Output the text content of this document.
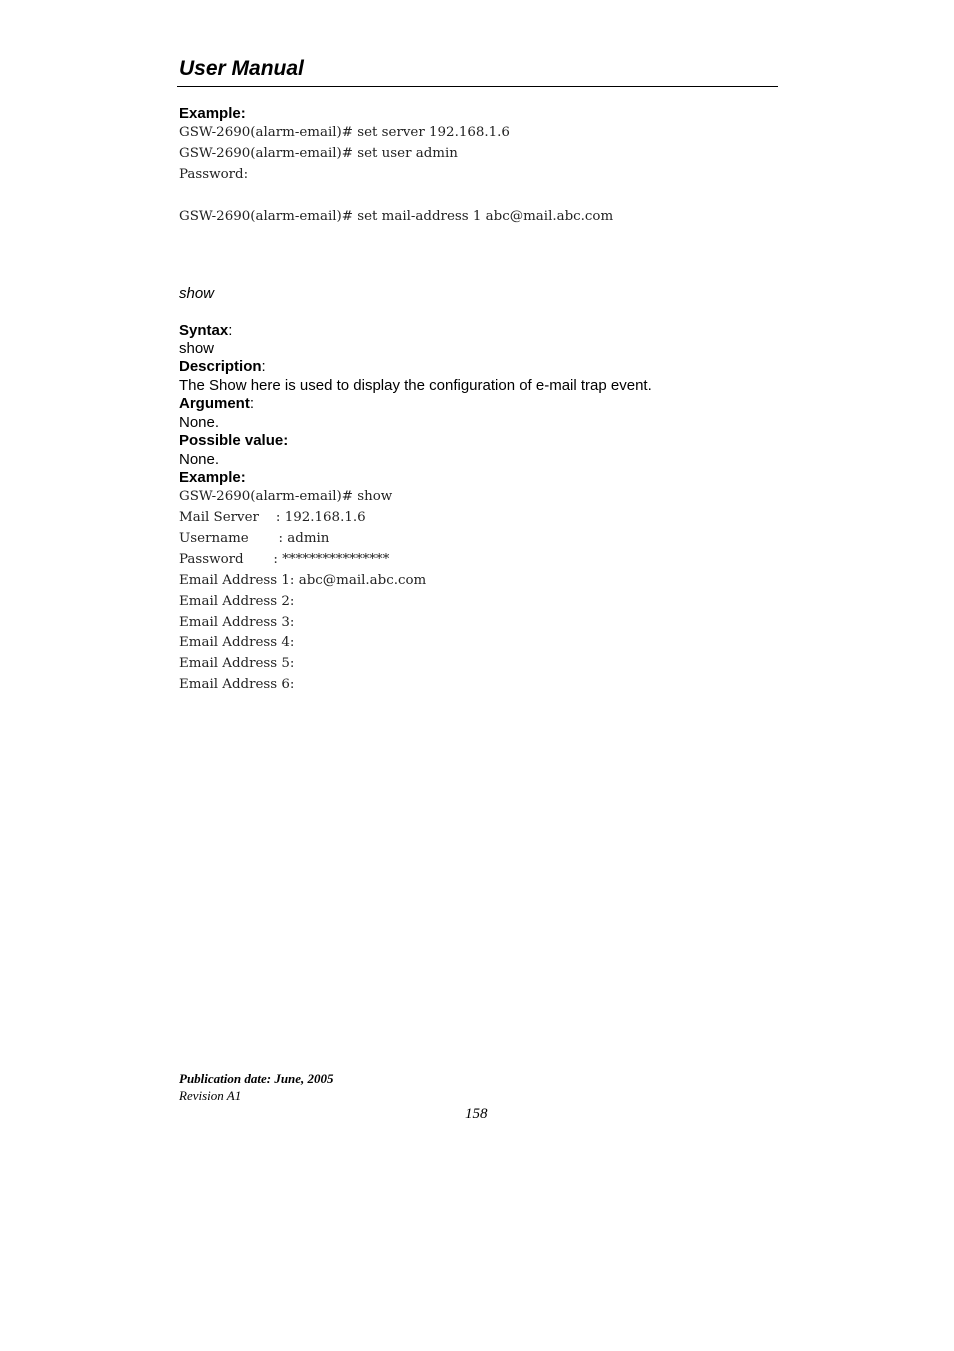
User Manual
Example:
GSW-2690(alarm-email)# set server 192.168.1.6
GSW-2690(alarm-email)# set user admin
Password:
GSW-2690(alarm-email)# set mail-address 1 abc@mail.abc.com
show
Syntax:
show
Description:
The Show here is used to display the configuration of e-mail trap event.
Argument:
None.
Possible value:
None.
Example:
GSW-2690(alarm-email)# show
Mail Server    : 192.168.1.6
Username       : admin
Password       : ****************
Email Address 1: abc@mail.abc.com
Email Address 2:
Email Address 3:
Email Address 4:
Email Address 5:
Email Address 6:
Publication date: June, 2005
Revision A1
158
